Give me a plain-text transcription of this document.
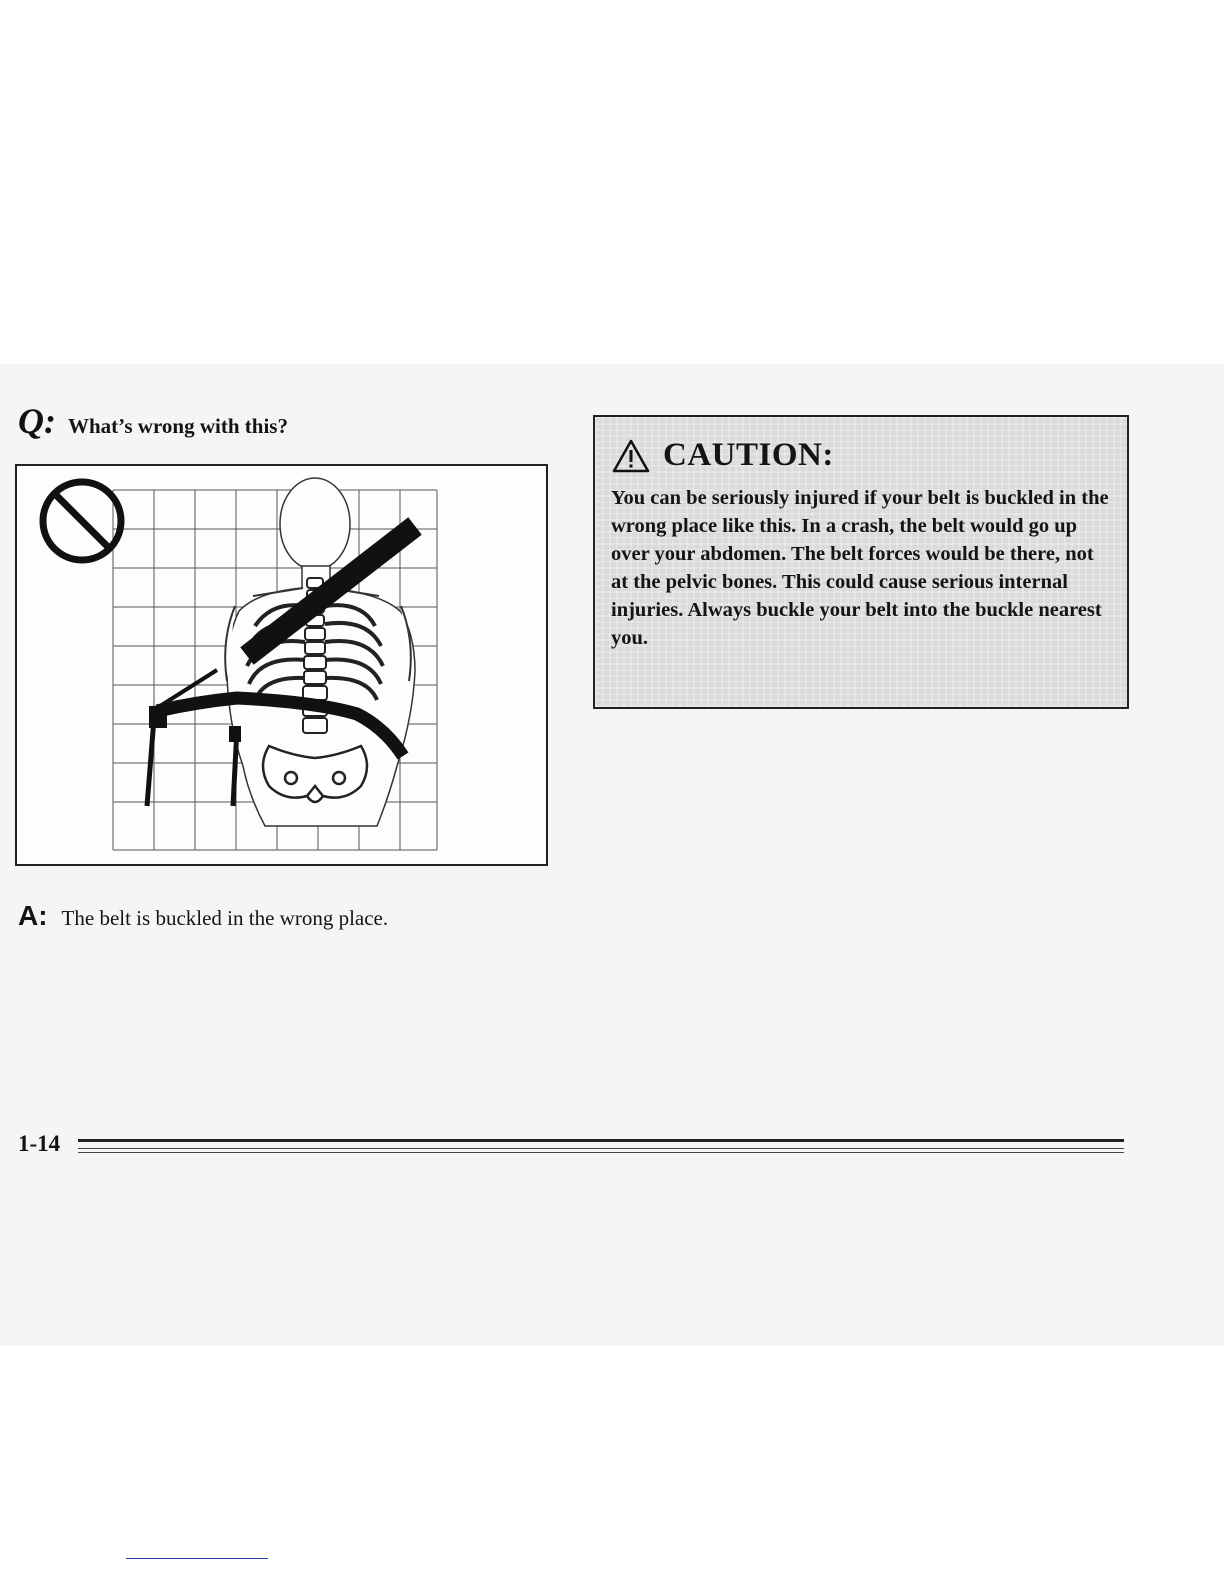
Q: What’s wrong with this?
A: The belt is buckled in the wrong place.
CAUTION:

You can be seriously injured if your belt is buckled in the wrong place like this. In a crash, the belt would go up over your abdomen. The belt forces would be there, not at the pelvic bones. This could cause serious internal injuries. Always buckle your belt into the buckle nearest you.

1-14
